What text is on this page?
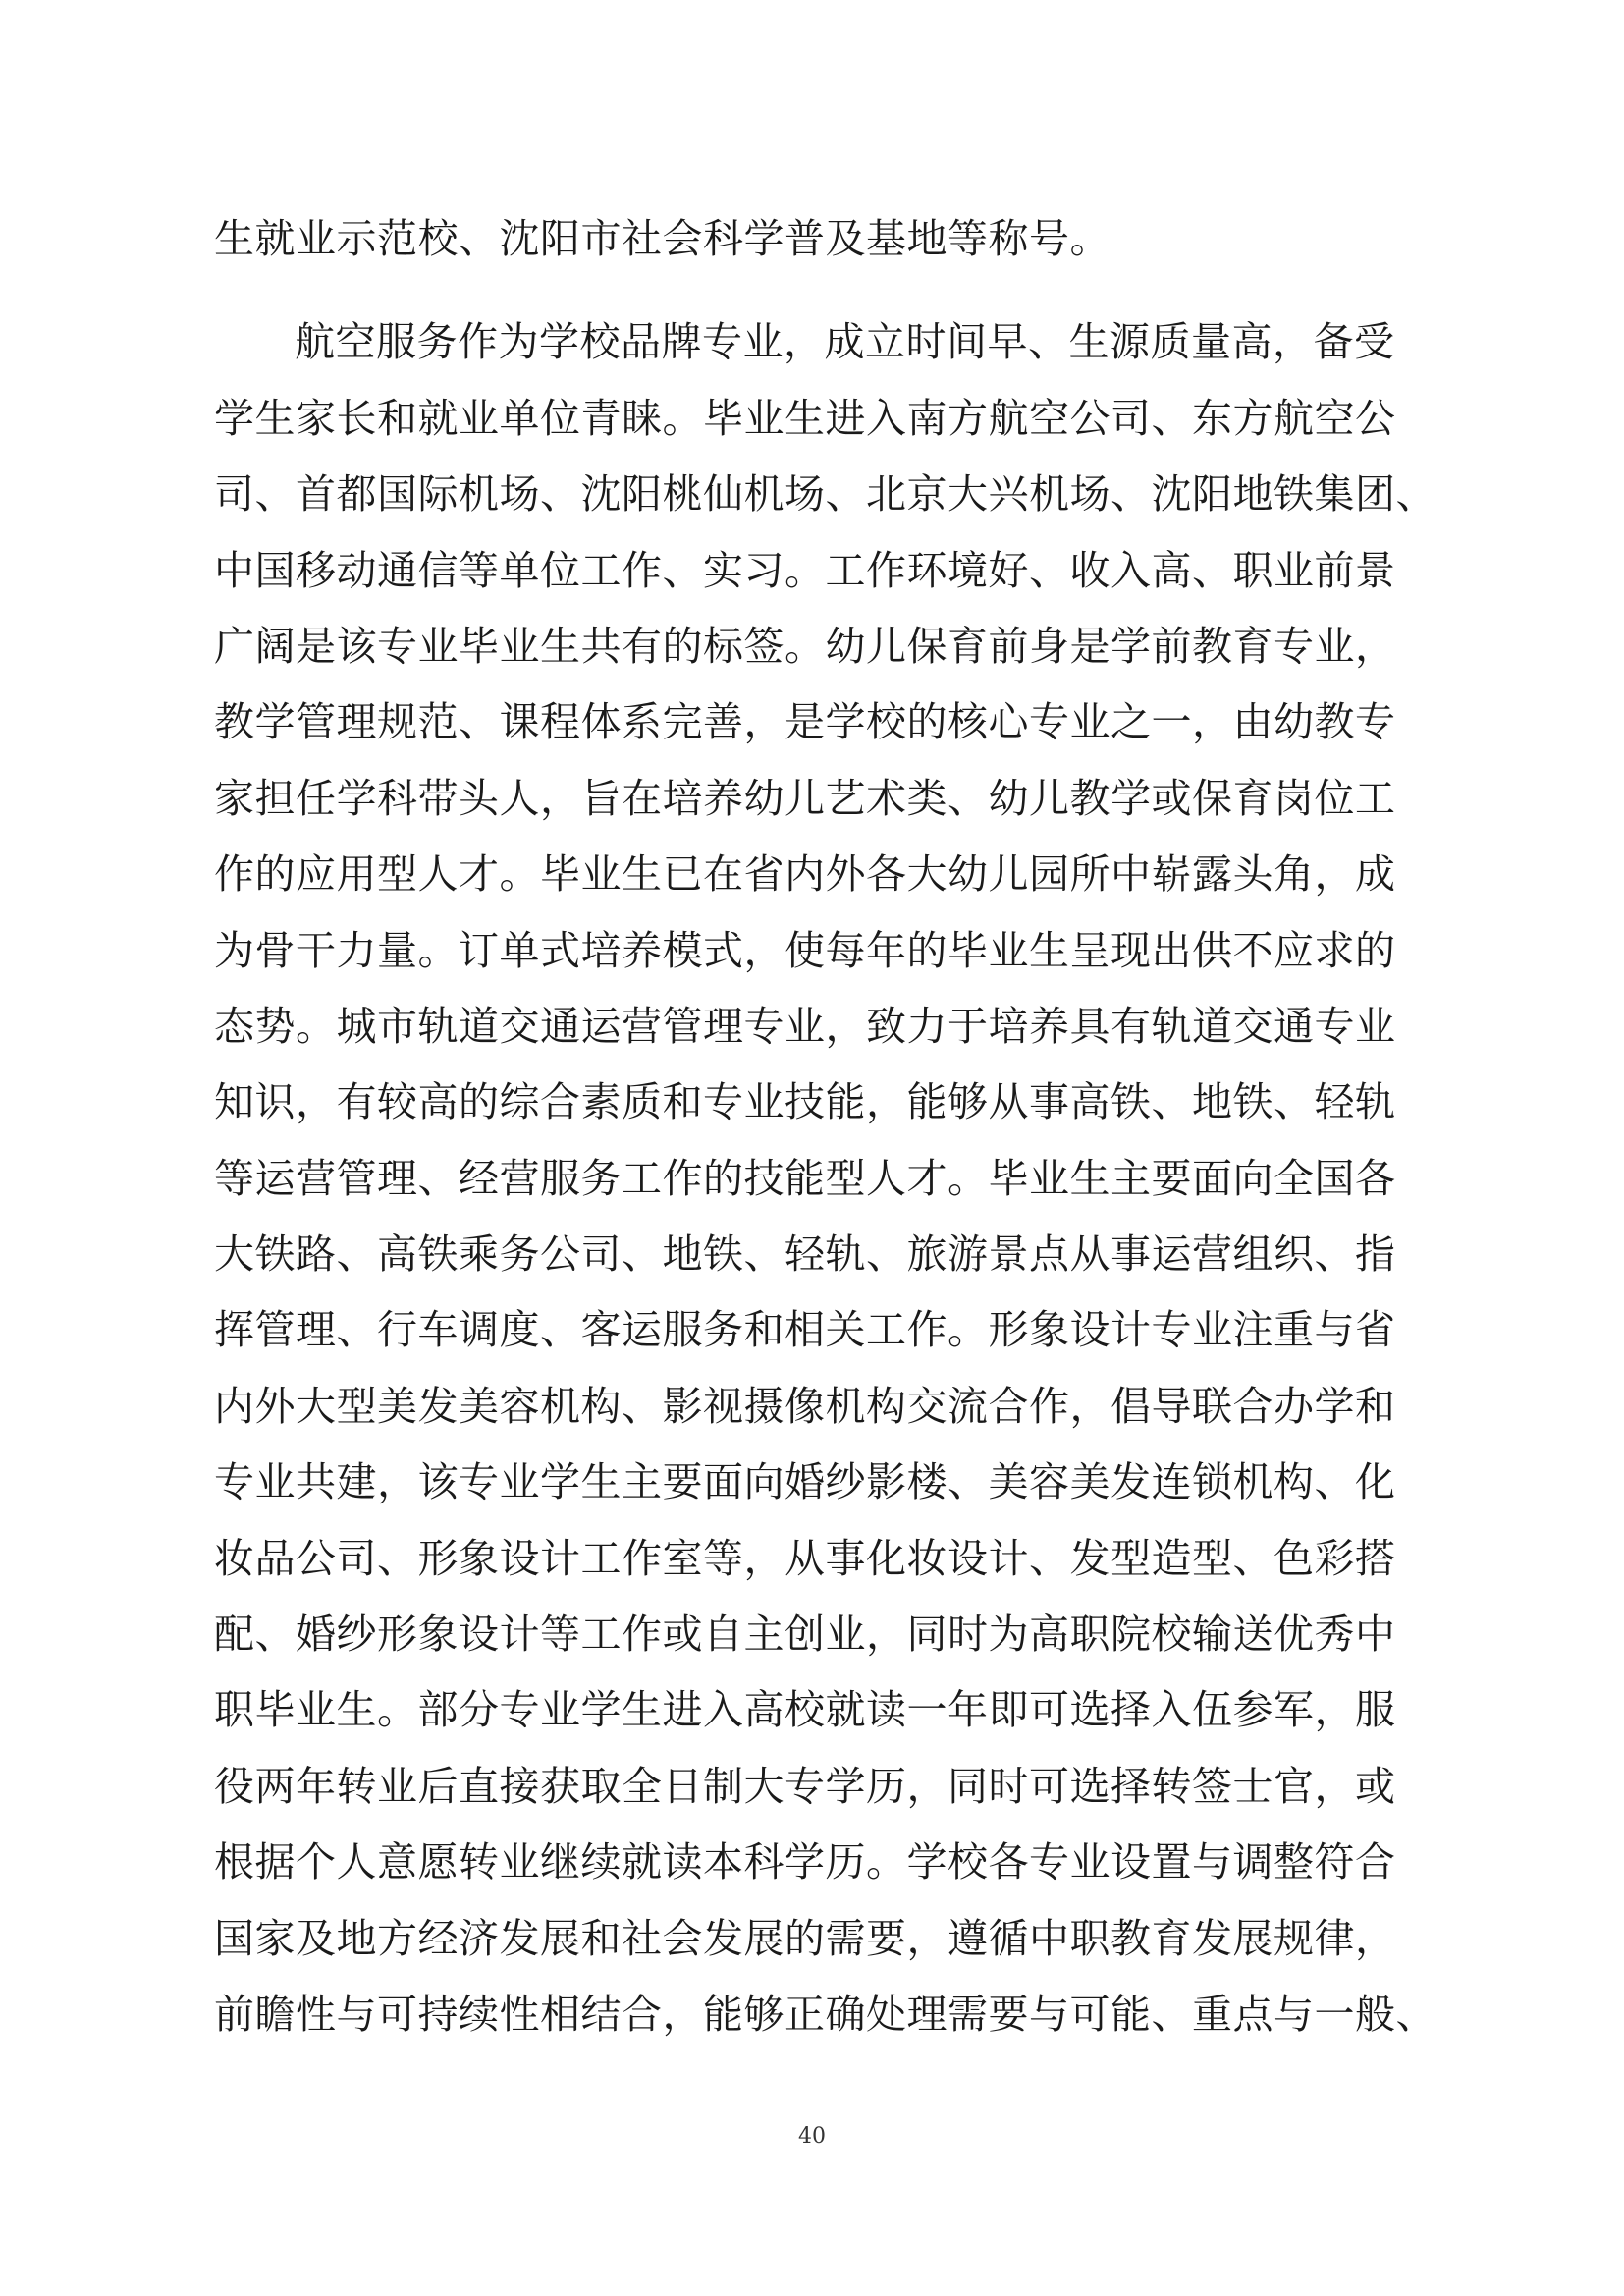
生就业示范校、沈阳市社会科学普及基地等称号。
航空服务作为学校品牌专业，成立时间早、生源质量高，备受
学生家长和就业单位青睐。毕业生进入南方航空公司、东方航空公
司、首都国际机场、沈阳桃仙机场、北京大兴机场、沈阳地铁集团、
中国移动通信等单位工作、实习。工作环境好、收入高、职业前景
广阔是该专业毕业生共有的标签。幼儿保育前身是学前教育专业，
教学管理规范、课程体系完善，是学校的核心专业之一，由幼教专
家担任学科带头人，旨在培养幼儿艺术类、幼儿教学或保育岗位工
作的应用型人才。毕业生已在省内外各大幼儿园所中崭露头角，成
为骨干力量。订单式培养模式，使每年的毕业生呈现出供不应求的
态势。城市轨道交通运营管理专业，致力于培养具有轨道交通专业
知识，有较高的综合素质和专业技能，能够从事高铁、地铁、轻轨
等运营管理、经营服务工作的技能型人才。毕业生主要面向全国各
大铁路、高铁乘务公司、地铁、轻轨、旅游景点从事运营组织、指
挥管理、行车调度、客运服务和相关工作。形象设计专业注重与省
内外大型美发美容机构、影视摄像机构交流合作，倡导联合办学和
专业共建，该专业学生主要面向婚纱影楼、美容美发连锁机构、化
妆品公司、形象设计工作室等，从事化妆设计、发型造型、色彩搭
配、婚纱形象设计等工作或自主创业，同时为高职院校输送优秀中
职毕业生。部分专业学生进入高校就读一年即可选择入伍参军，服
役两年转业后直接获取全日制大专学历，同时可选择转签士官，或
根据个人意愿转业继续就读本科学历。学校各专业设置与调整符合
国家及地方经济发展和社会发展的需要，遵循中职教育发展规律，
前瞻性与可持续性相结合，能够正确处理需要与可能、重点与一般、
40
